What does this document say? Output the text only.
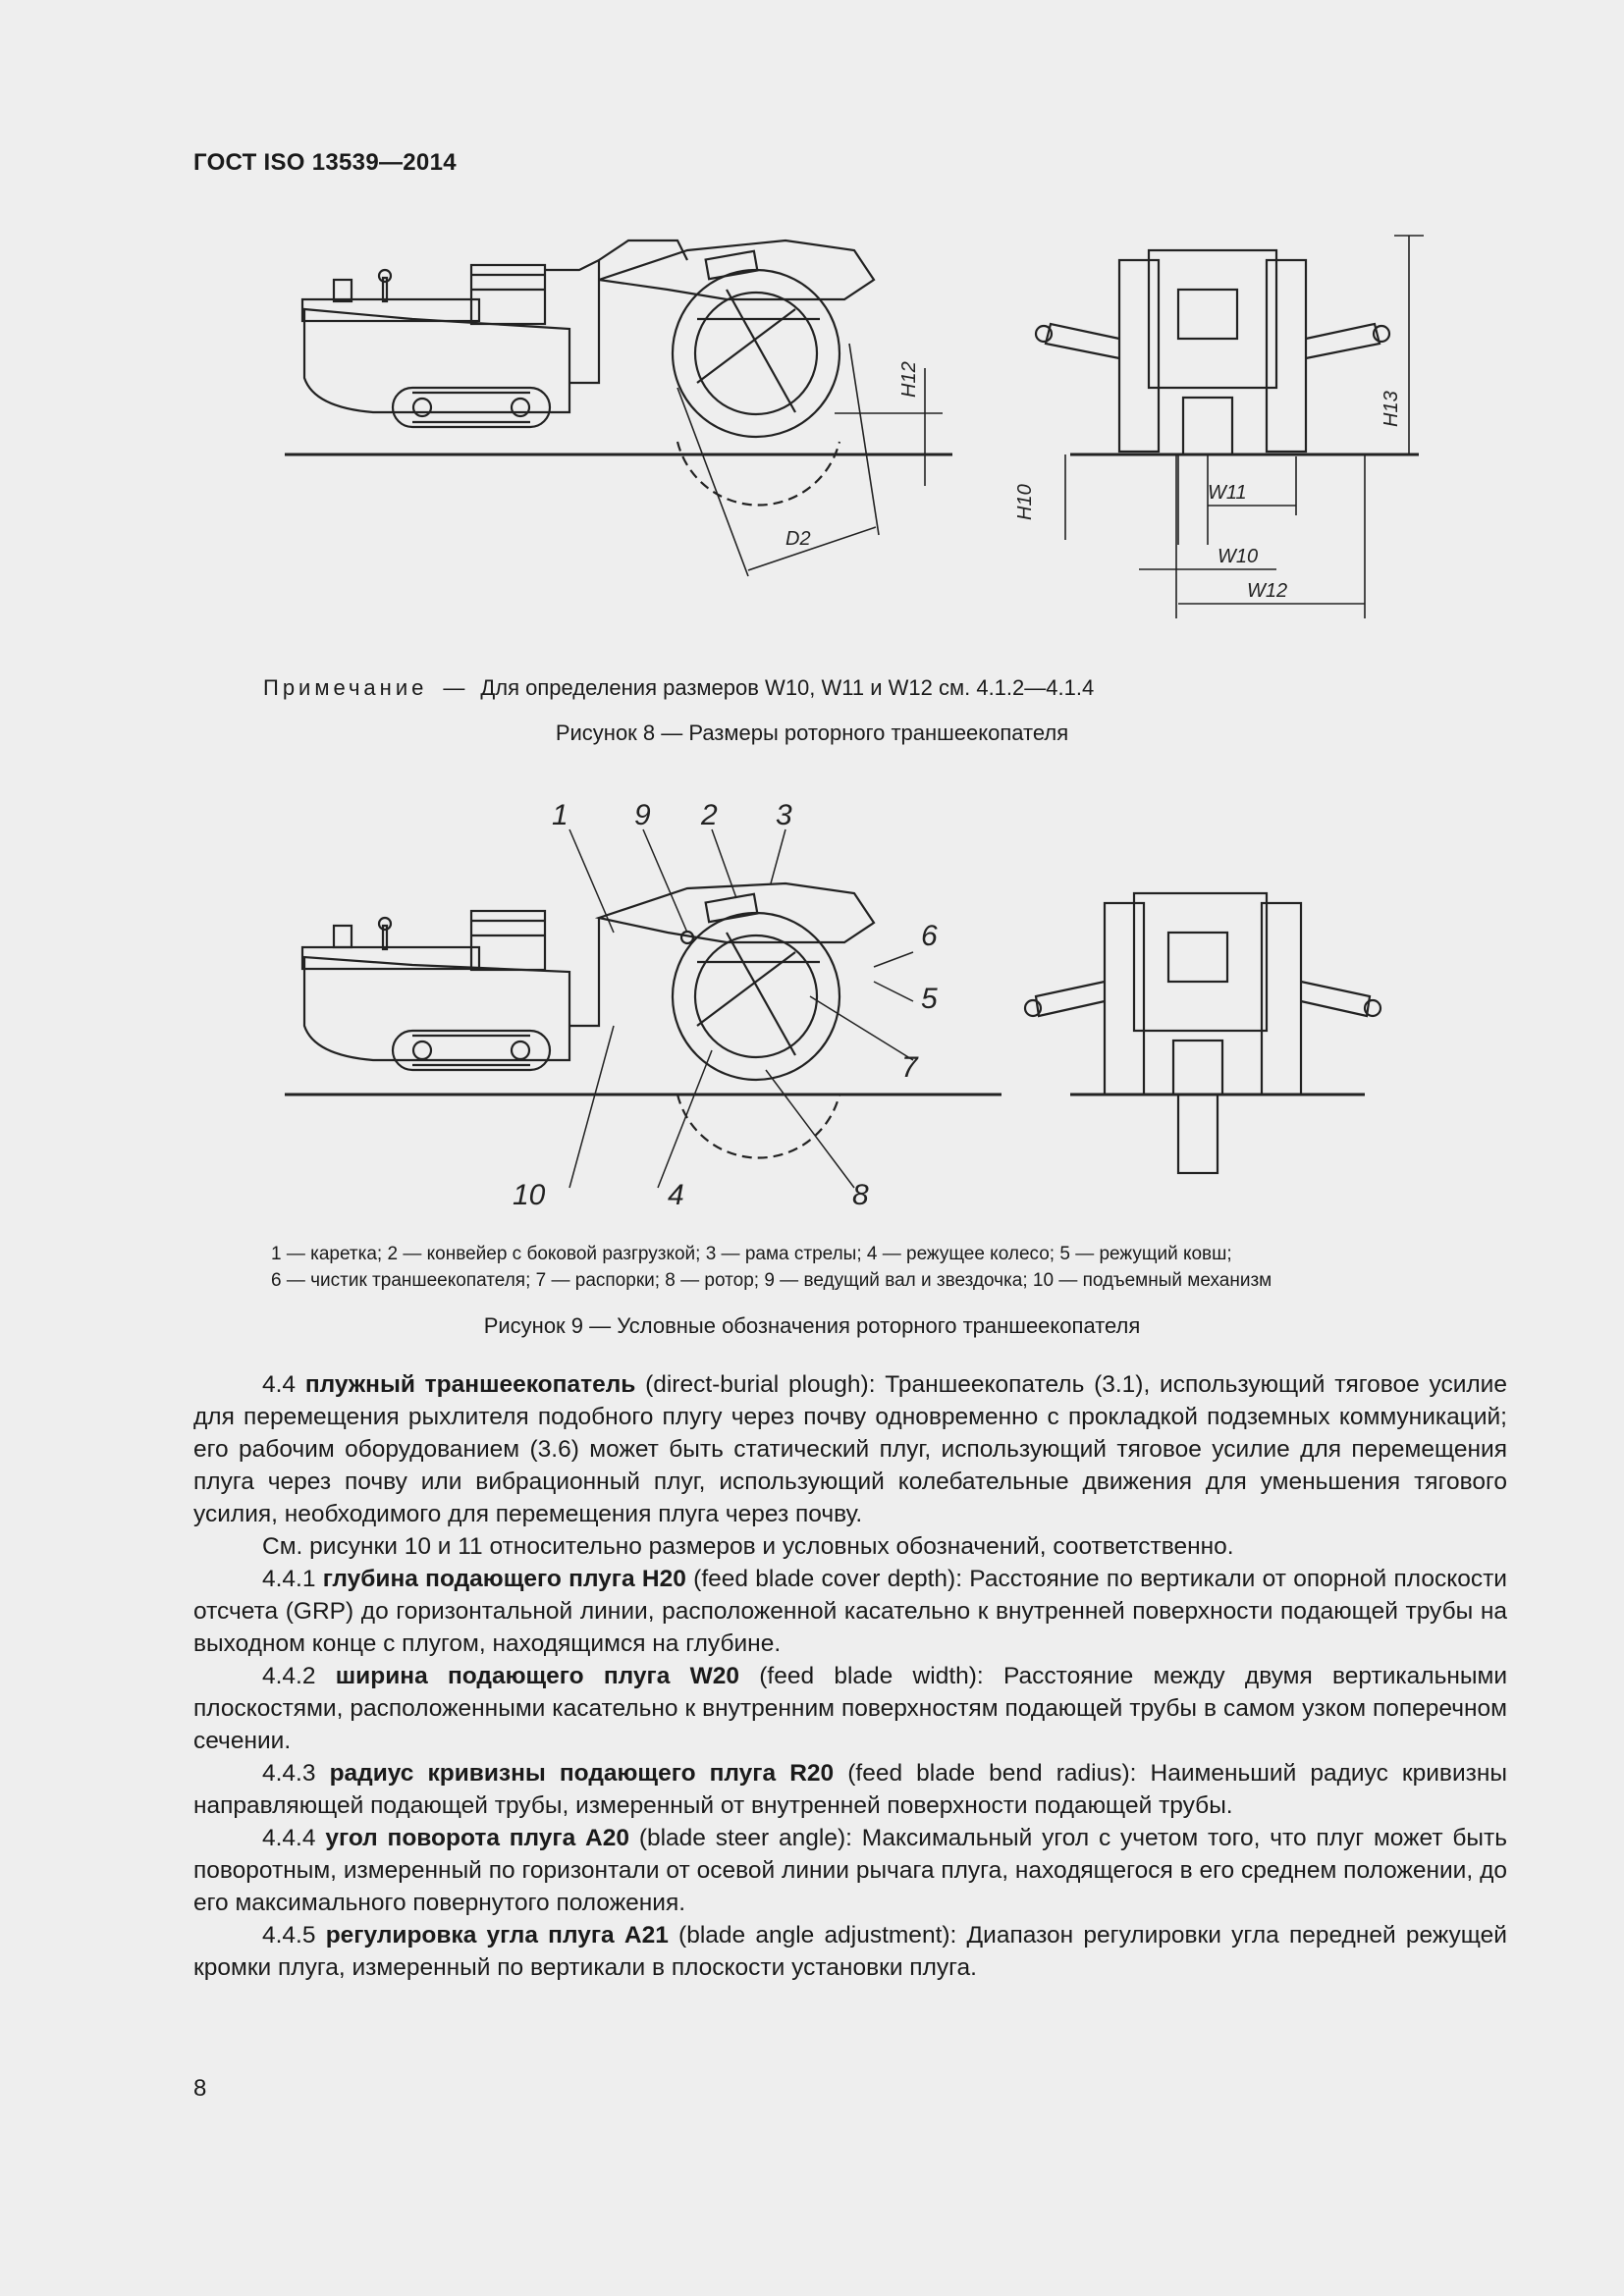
ГОСТ ISO 13539—2014
H12
H13
H10	W11
W10
W12
D2
Примечание — Для определения размеров W10, W11 и W12 см. 4.1.2—4.1.4
Рисунок 8 — Размеры роторного траншеекопателя
1 9 2 3
6
5
7
10	4	8
1 — каретка; 2 — конвейер с боковой разгрузкой; 3 — рама стрелы; 4 — режущее колесо; 5 — режущий ковш;
6 — чистик траншеекопателя; 7 — распорки; 8 — ротор; 9 — ведущий вал и звездочка; 10 — подъемный механизм
Рисунок 9 — Условные обозначения роторного траншеекопателя

4.4 плужный траншеекопатель (direct-burial plough): Траншеекопатель (3.1), использующий тяговое усилие для перемещения рыхлителя подобного плугу через почву одновременно с прокладкой подземных коммуникаций; его рабочим оборудованием (3.6) может быть статический плуг, использующий тяговое усилие для перемещения плуга через почву или вибрационный плуг, использующий колебательные движения для уменьшения тягового усилия, необходимого для перемещения плуга через почву.

См. рисунки 10 и 11 относительно размеров и условных обозначений, соответственно.

4.4.1 глубина подающего плуга H20 (feed blade cover depth): Расстояние по вертикали от опорной плоскости отсчета (GRP) до горизонтальной линии, расположенной касательно к внутренней поверхности подающей трубы на выходном конце с плугом, находящимся на глубине.

4.4.2 ширина подающего плуга W20 (feed blade width): Расстояние между двумя вертикальными плоскостями, расположенными касательно к внутренним поверхностям подающей трубы в самом узком поперечном сечении.

4.4.3 радиус кривизны подающего плуга R20 (feed blade bend radius): Наименьший радиус кривизны направляющей подающей трубы, измеренный от внутренней поверхности подающей трубы.

4.4.4 угол поворота плуга A20 (blade steer angle): Максимальный угол с учетом того, что плуг может быть поворотным, измеренный по горизонтали от осевой линии рычага плуга, находящегося в его среднем положении, до его максимального повернутого положения.

4.4.5 регулировка угла плуга A21 (blade angle adjustment): Диапазон регулировки угла передней режущей кромки плуга, измеренный по вертикали в плоскости установки плуга.

8
